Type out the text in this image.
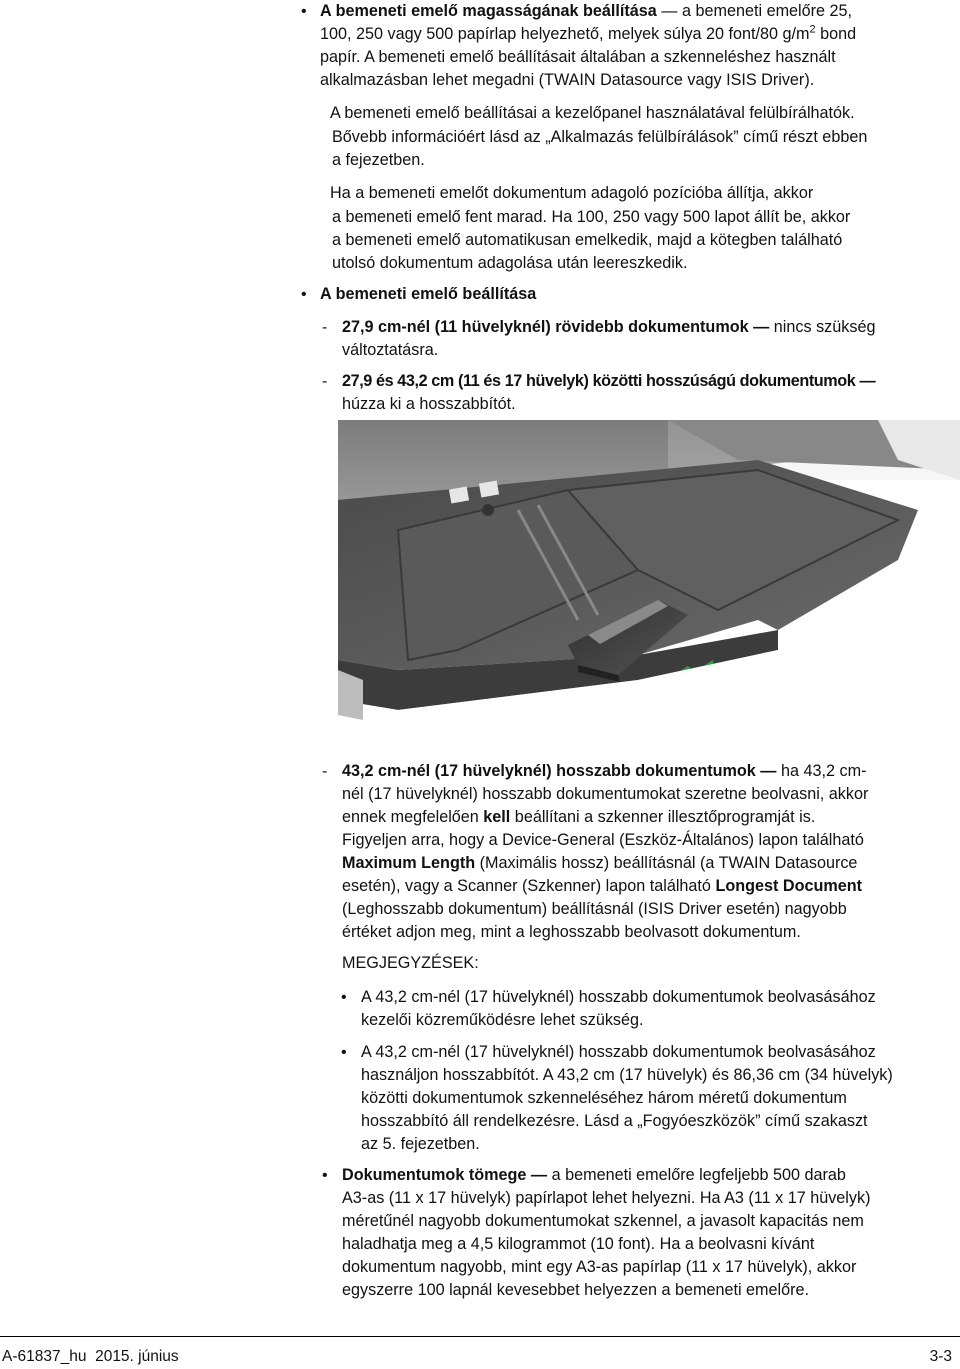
• A bemeneti emelő magasságának beállítása — a bemeneti emelőre 25,
100, 250 vagy 500 papírlap helyezhető, melyek súlya 20 font/80 $g/m^2$ bond
papír. A bemeneti emelő beállításait általában a szkenneléshez használt
alkalmazásban lehet megadni (TWAIN Datasource vagy ISIS Driver).
A bemeneti emelő beállításai a kezelőpanel használatával felülbírálhatók.
Bővebb információért lásd az „Alkalmazás felülbírálások” című részt ebben
a fejezetben.
Ha a bemeneti emelőt dokumentum adagoló pozícióba állítja, akkor
a bemeneti emelő fent marad. Ha 100, 250 vagy 500 lapot állít be, akkor
a bemeneti emelő automatikusan emelkedik, majd a kötegben található
utolsó dokumentum adagolása után leereszkedik.
• A bemeneti emelő beállítása
- 27,9 cm-nél (11 hüvelyknél) rövidebb dokumentumok — nincs szükség
változtatásra.
- 27,9 és 43,2 cm (11 és 17 hüvelyk) közötti hosszúságú dokumentumok —
húzza ki a hosszabbítót.
- 43,2 cm-nél (17 hüvelyknél) hosszabb dokumentumok — ha 43,2 cm-
nél (17 hüvelyknél) hosszabb dokumentumokat szeretne beolvasni, akkor
ennek megfelelően kell beállítani a szkenner illesztőprogramját is.
Figyeljen arra, hogy a Device-General (Eszköz-Általános) lapon található
Maximum Length (Maximális hossz) beállításnál (a TWAIN Datasource
esetén), vagy a Scanner (Szkenner) lapon található Longest Document
(Leghosszabb dokumentum) beállításnál (ISIS Driver esetén) nagyobb
értéket adjon meg, mint a leghosszabb beolvasott dokumentum.
MEGJEGYZÉSEK:
• A 43,2 cm-nél (17 hüvelyknél) hosszabb dokumentumok beolvasásához
kezelői közreműködésre lehet szükség.
• A 43,2 cm-nél (17 hüvelyknél) hosszabb dokumentumok beolvasásához
használjon hosszabbítót. A 43,2 cm (17 hüvelyk) és 86,36 cm (34 hüvelyk)
közötti dokumentumok szkenneléséhez három méretű dokumentum
hosszabbító áll rendelkezésre. Lásd a „Fogyóeszközök” című szakaszt
az 5. fejezetben.
• Dokumentumok tömege — a bemeneti emelőre legfeljebb 500 darab
A3-as (11 x 17 hüvelyk) papírlapot lehet helyezni. Ha A3 (11 x 17 hüvelyk)
méretűnél nagyobb dokumentumokat szkennel, a javasolt kapacitás nem
haladhatja meg a 4,5 kilogrammot (10 font). Ha a beolvasni kívánt
dokumentum nagyobb, mint egy A3-as papírlap (11 x 17 hüvelyk), akkor
egyszerre 100 lapnál kevesebbet helyezzen a bemeneti emelőre.
A-61837_hu  2015. június	3-3
